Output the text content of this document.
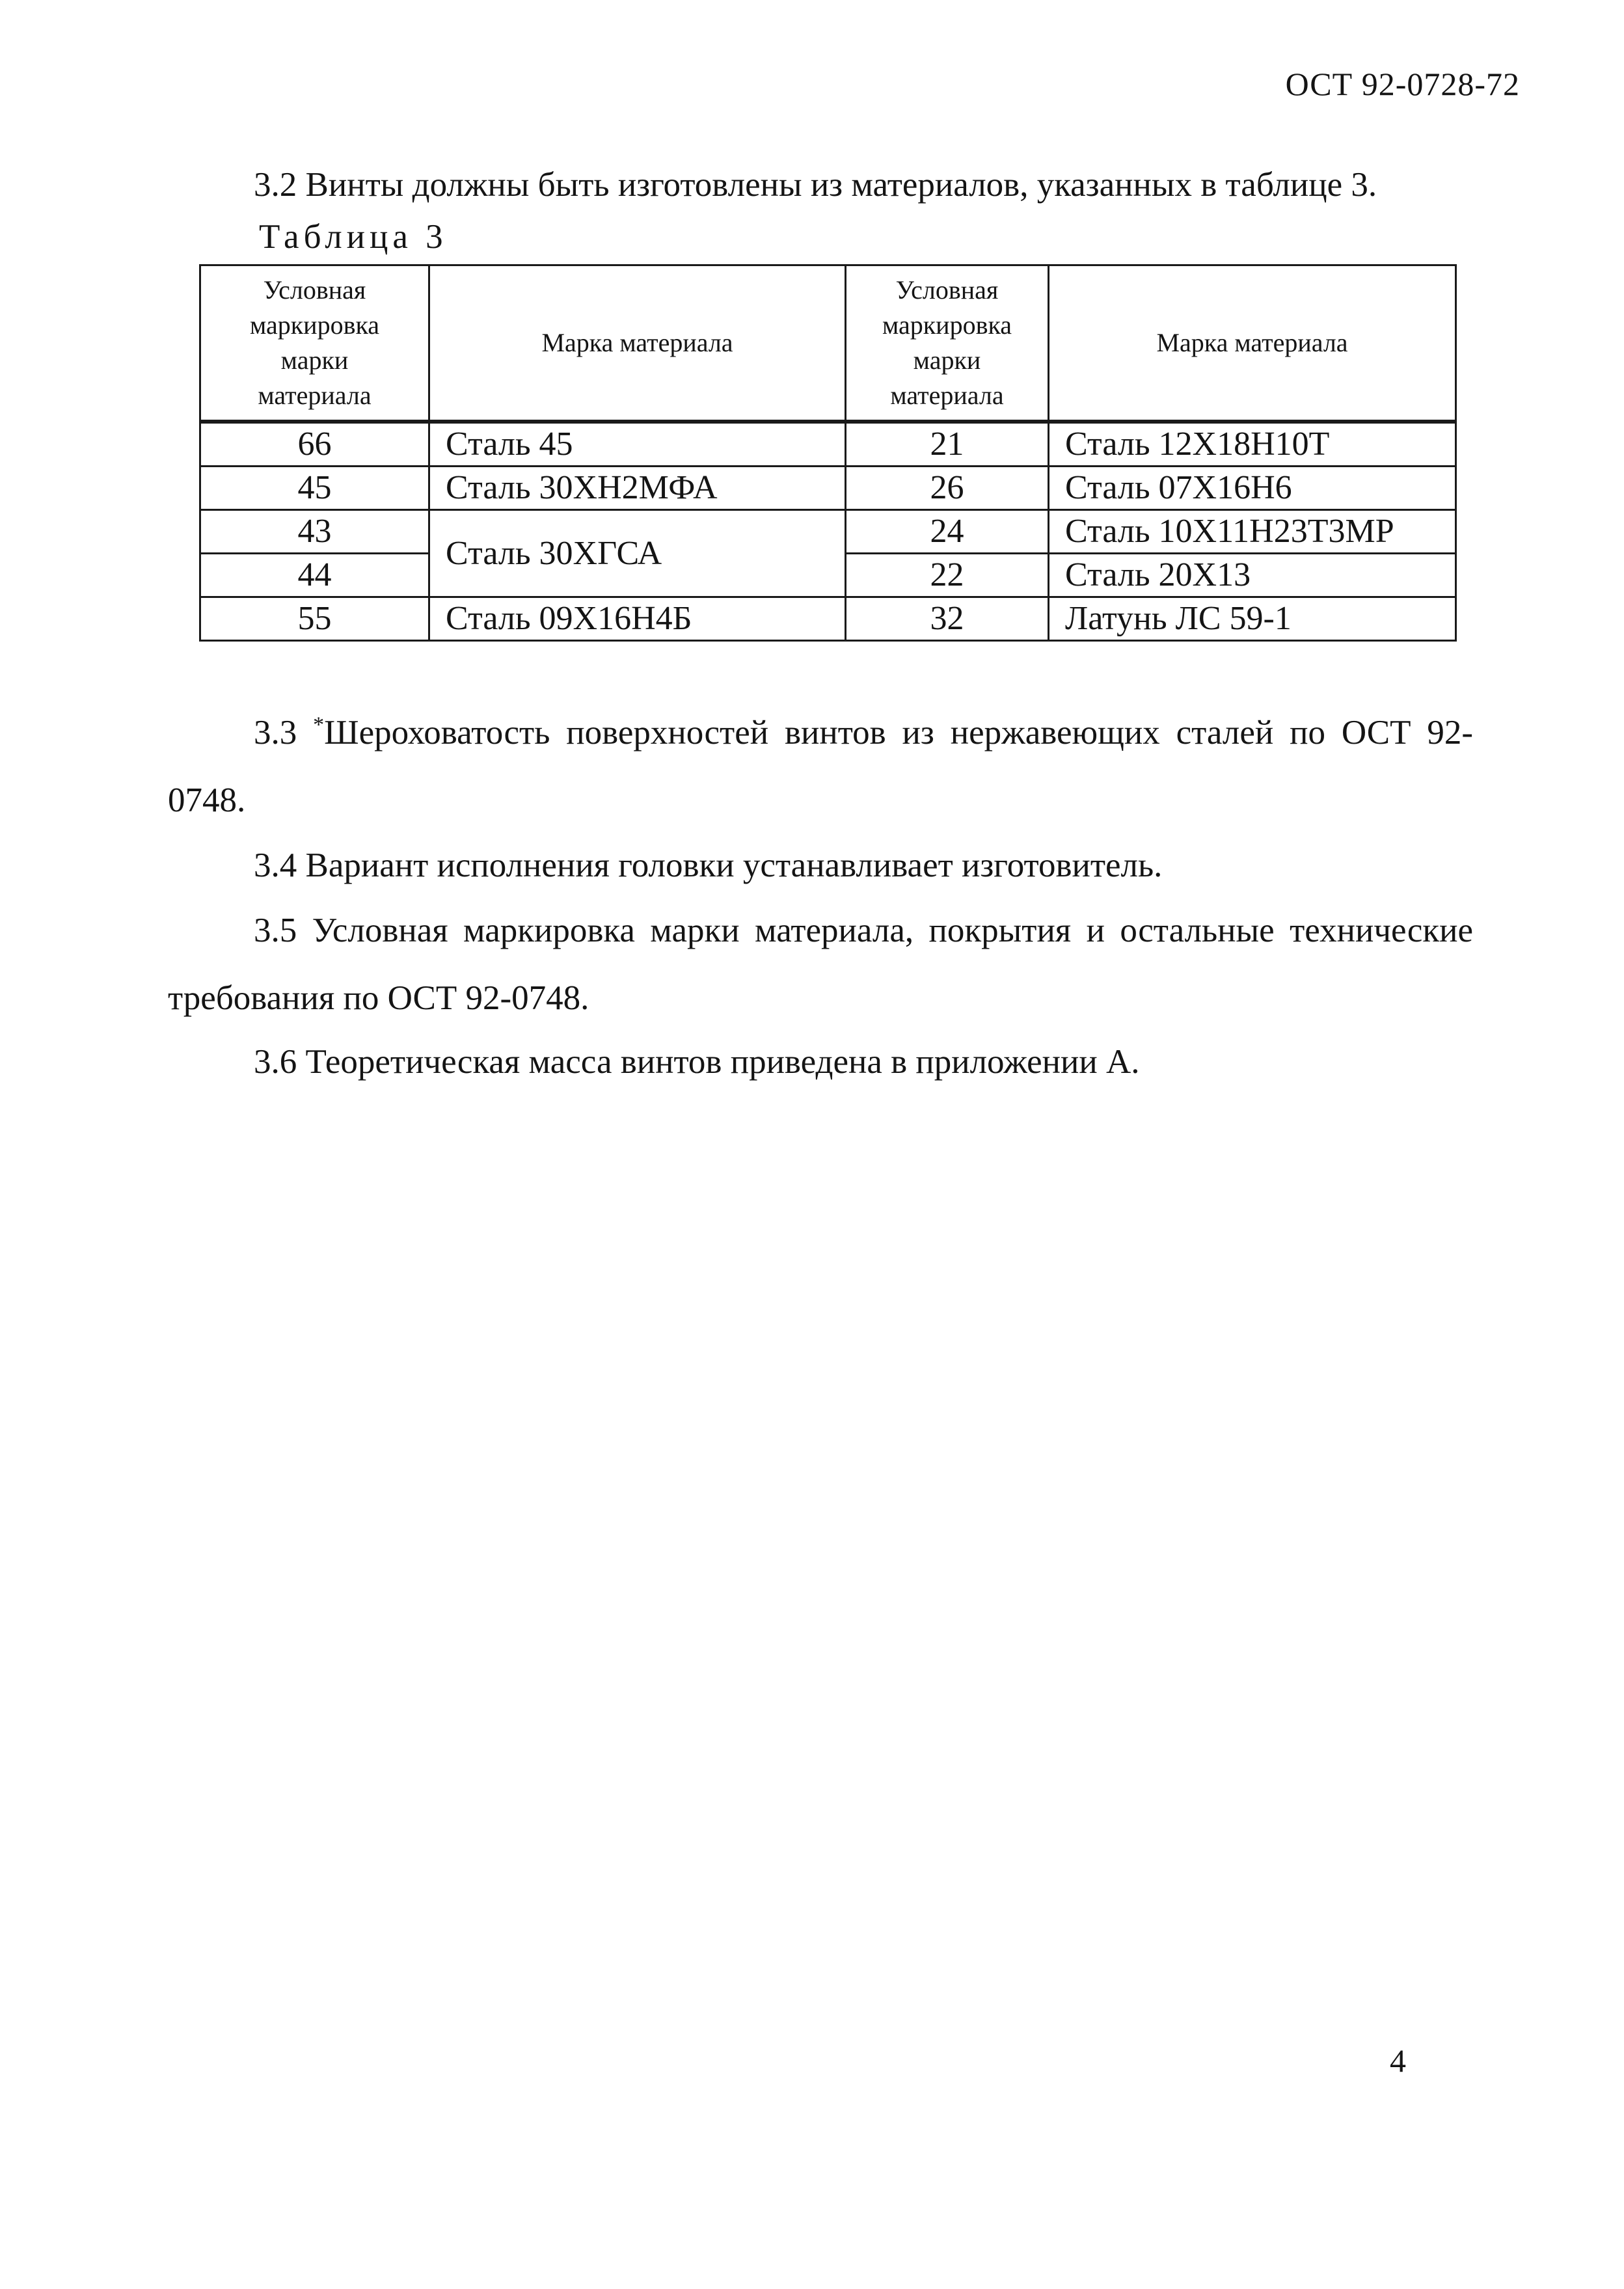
ОСТ 92-0728-72

3.2 Винты должны быть изготовлены из материалов, указанных в таблице 3.

Таблица 3
Условная маркировка марки материала	Марка материала	Условная маркировка марки материала	Марка материала
66	Сталь 45	21	Сталь 12Х18Н10Т
45	Сталь 30ХН2МФА	26	Сталь 07Х16Н6
43	Сталь 30ХГСА	24	Сталь 10Х11Н23Т3МР
44		22	Сталь 20Х13
55	Сталь 09Х16Н4Б	32	Латунь ЛС 59-1

3.3 *Шероховатость поверхностей винтов из нержавеющих сталей по ОСТ 92-0748.

3.4 Вариант исполнения головки устанавливает изготовитель.

3.5 Условная маркировка марки материала, покрытия и остальные технические требования по ОСТ 92-0748.

3.6 Теоретическая масса винтов приведена в приложении А.

4
